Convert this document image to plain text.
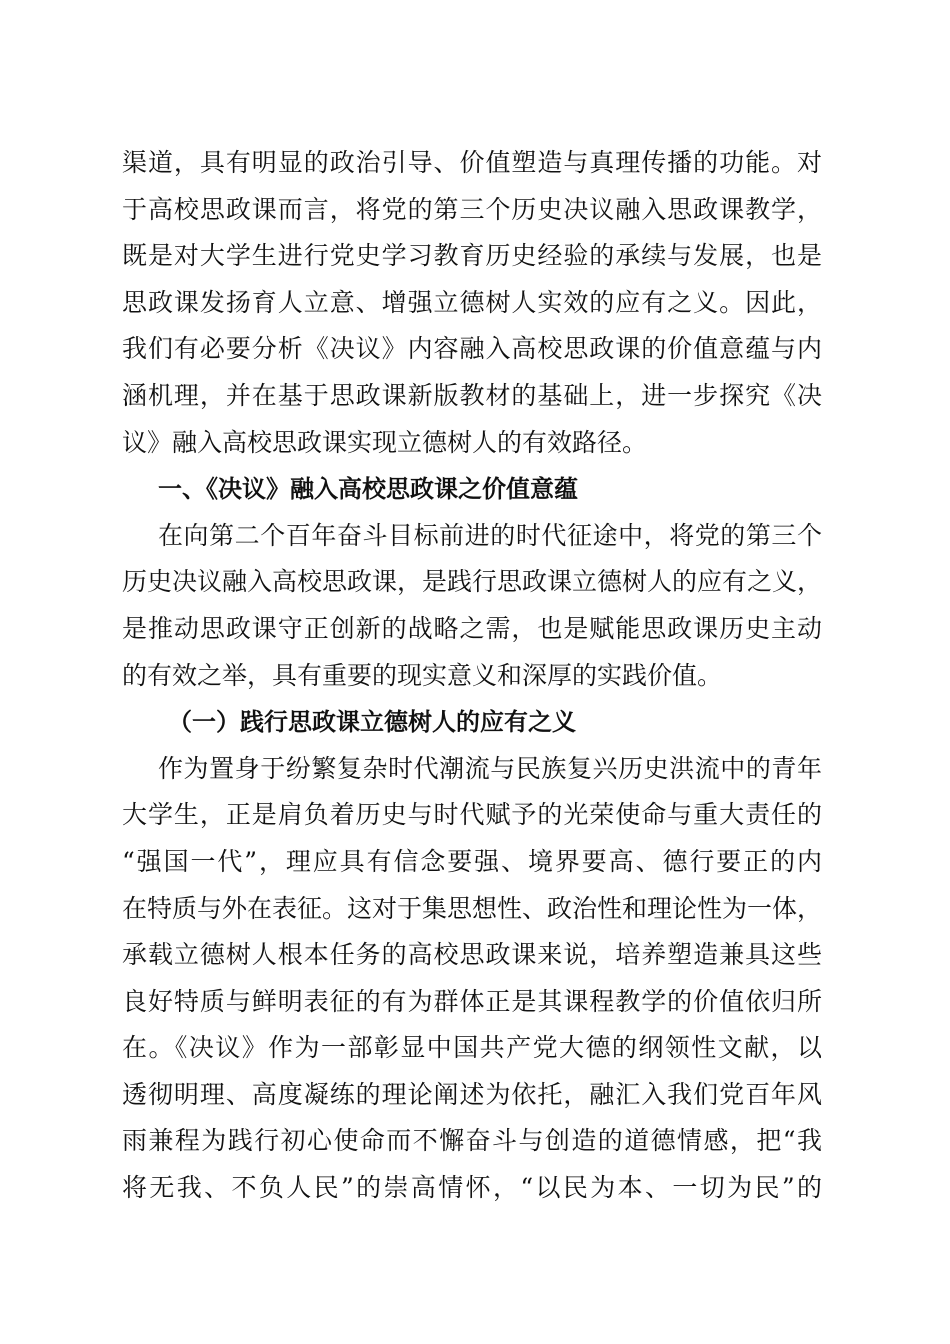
渠道，具有明显的政治引导、价值塑造与真理传播的功能。对
于高校思政课而言，将党的第三个历史决议融入思政课教学，
既是对大学生进行党史学习教育历史经验的承续与发展，也是
思政课发扬育人立意、增强立德树人实效的应有之义。因此，
我们有必要分析《决议》内容融入高校思政课的价值意蕴与内
涵机理，并在基于思政课新版教材的基础上，进一步探究《决
议》融入高校思政课实现立德树人的有效路径。
一、《决议》融入高校思政课之价值意蕴
在向第二个百年奋斗目标前进的时代征途中，将党的第三个
历史决议融入高校思政课，是践行思政课立德树人的应有之义，
是推动思政课守正创新的战略之需，也是赋能思政课历史主动
的有效之举，具有重要的现实意义和深厚的实践价值。
（一）践行思政课立德树人的应有之义
作为置身于纷繁复杂时代潮流与民族复兴历史洪流中的青年
大学生，正是肩负着历史与时代赋予的光荣使命与重大责任的
“强国一代”，理应具有信念要强、境界要高、德行要正的内
在特质与外在表征。这对于集思想性、政治性和理论性为一体，
承载立德树人根本任务的高校思政课来说，培养塑造兼具这些
良好特质与鲜明表征的有为群体正是其课程教学的价值依归所
在。《决议》作为一部彰显中国共产党大德的纲领性文献，以
透彻明理、高度凝练的理论阐述为依托，融汇入我们党百年风
雨兼程为践行初心使命而不懈奋斗与创造的道德情感，把“我
将无我、不负人民”的崇高情怀，“以民为本、一切为民”的
